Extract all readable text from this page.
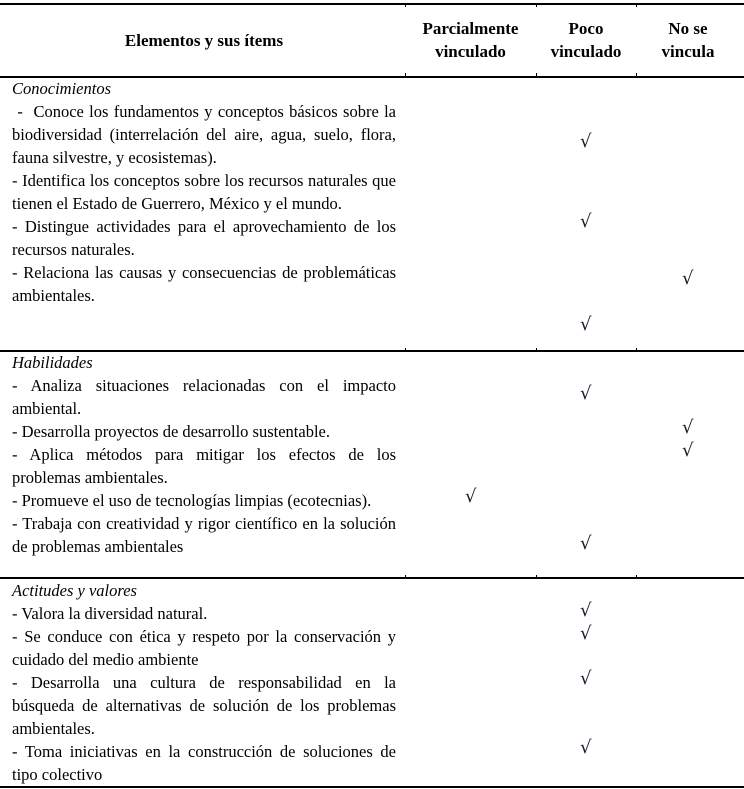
Elementos y sus ítems
Parcialmente
vinculado
Poco
vinculado
No se
vincula
Conocimientos
-  Conoce los fundamentos y conceptos básicos sobre la biodiversidad (interrelación del aire, agua, suelo, flora, fauna silvestre, y ecosistemas).
- Identifica los conceptos sobre los recursos naturales que tienen el Estado de Guerrero, México y el mundo.
- Distingue actividades para el aprovechamiento de los recursos naturales.
- Relaciona las causas y consecuencias de problemáticas ambientales.
Habilidades
- Analiza situaciones relacionadas con el impacto ambiental.
- Desarrolla proyectos de desarrollo sustentable.
- Aplica métodos para mitigar los efectos de los problemas ambientales.
- Promueve el uso de tecnologías limpias (ecotecnias).
- Trabaja con creatividad y rigor científico en la solución de problemas ambientales
Actitudes y valores
- Valora la diversidad natural.
- Se conduce con ética y respeto por la conservación y cuidado del medio ambiente
- Desarrolla una cultura de responsabilidad en la búsqueda de alternativas de solución de los problemas ambientales.
- Toma iniciativas en la construcción de soluciones de tipo colectivo
√
√
√
√
√
√
√
√
√
√
√
√
√
